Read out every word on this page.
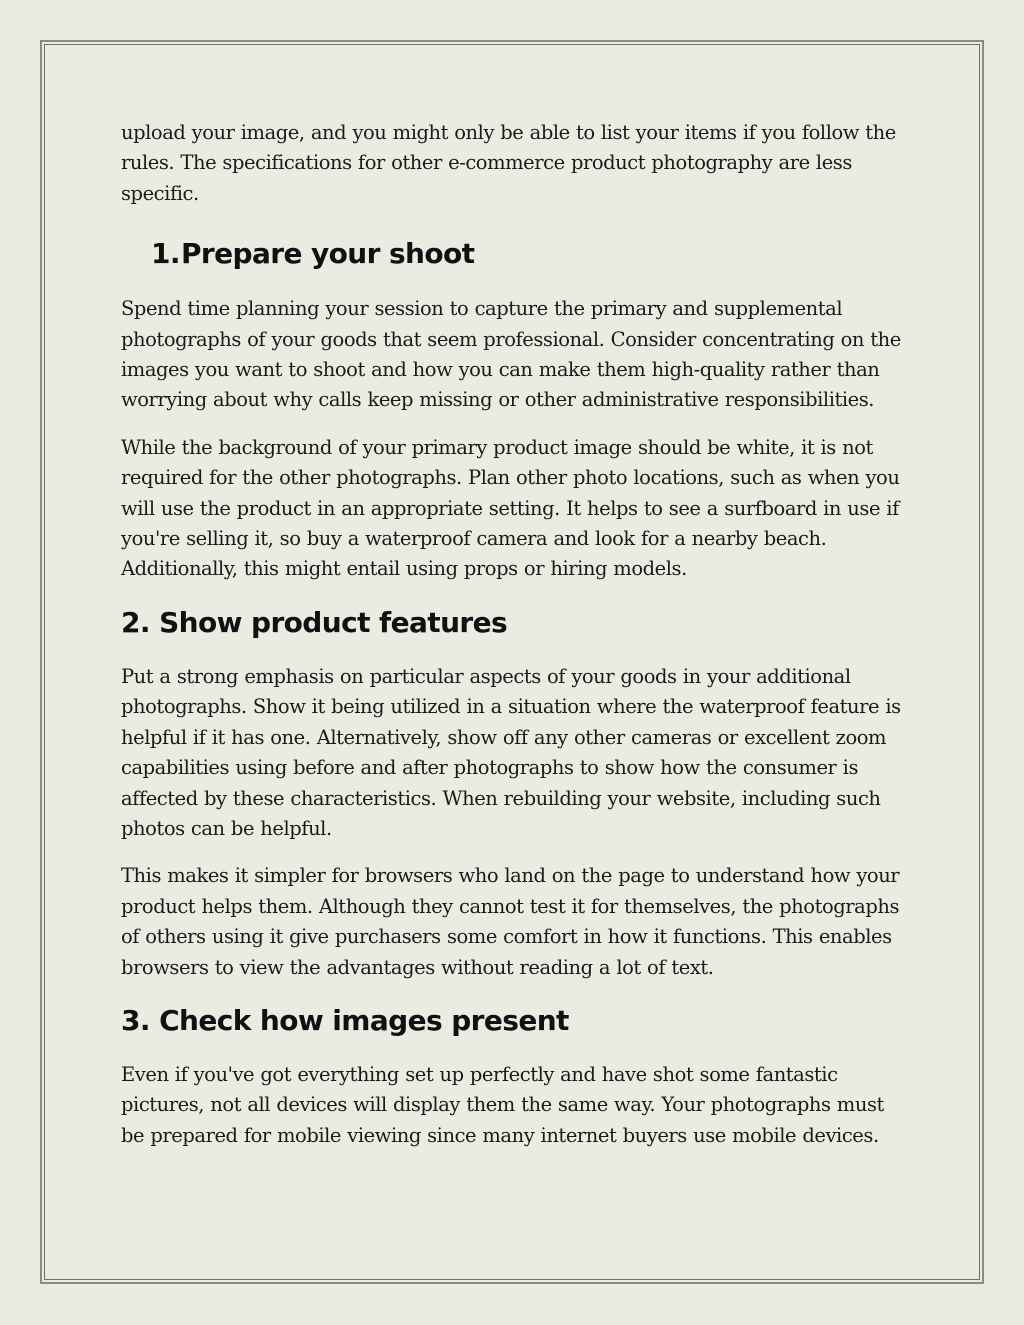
upload your image, and you might only be able to list your items if you follow the rules. The specifications for other e-commerce product photography are less specific.

1. Prepare your shoot

Spend time planning your session to capture the primary and supplemental photographs of your goods that seem professional. Consider concentrating on the images you want to shoot and how you can make them high-quality rather than worrying about why calls keep missing or other administrative responsibilities.

While the background of your primary product image should be white, it is not required for the other photographs. Plan other photo locations, such as when you will use the product in an appropriate setting. It helps to see a surfboard in use if you're selling it, so buy a waterproof camera and look for a nearby beach. Additionally, this might entail using props or hiring models.

2. Show product features

Put a strong emphasis on particular aspects of your goods in your additional photographs. Show it being utilized in a situation where the waterproof feature is helpful if it has one. Alternatively, show off any other cameras or excellent zoom capabilities using before and after photographs to show how the consumer is affected by these characteristics. When rebuilding your website, including such photos can be helpful.

This makes it simpler for browsers who land on the page to understand how your product helps them. Although they cannot test it for themselves, the photographs of others using it give purchasers some comfort in how it functions. This enables browsers to view the advantages without reading a lot of text.

3. Check how images present

Even if you've got everything set up perfectly and have shot some fantastic pictures, not all devices will display them the same way. Your photographs must be prepared for mobile viewing since many internet buyers use mobile devices.
